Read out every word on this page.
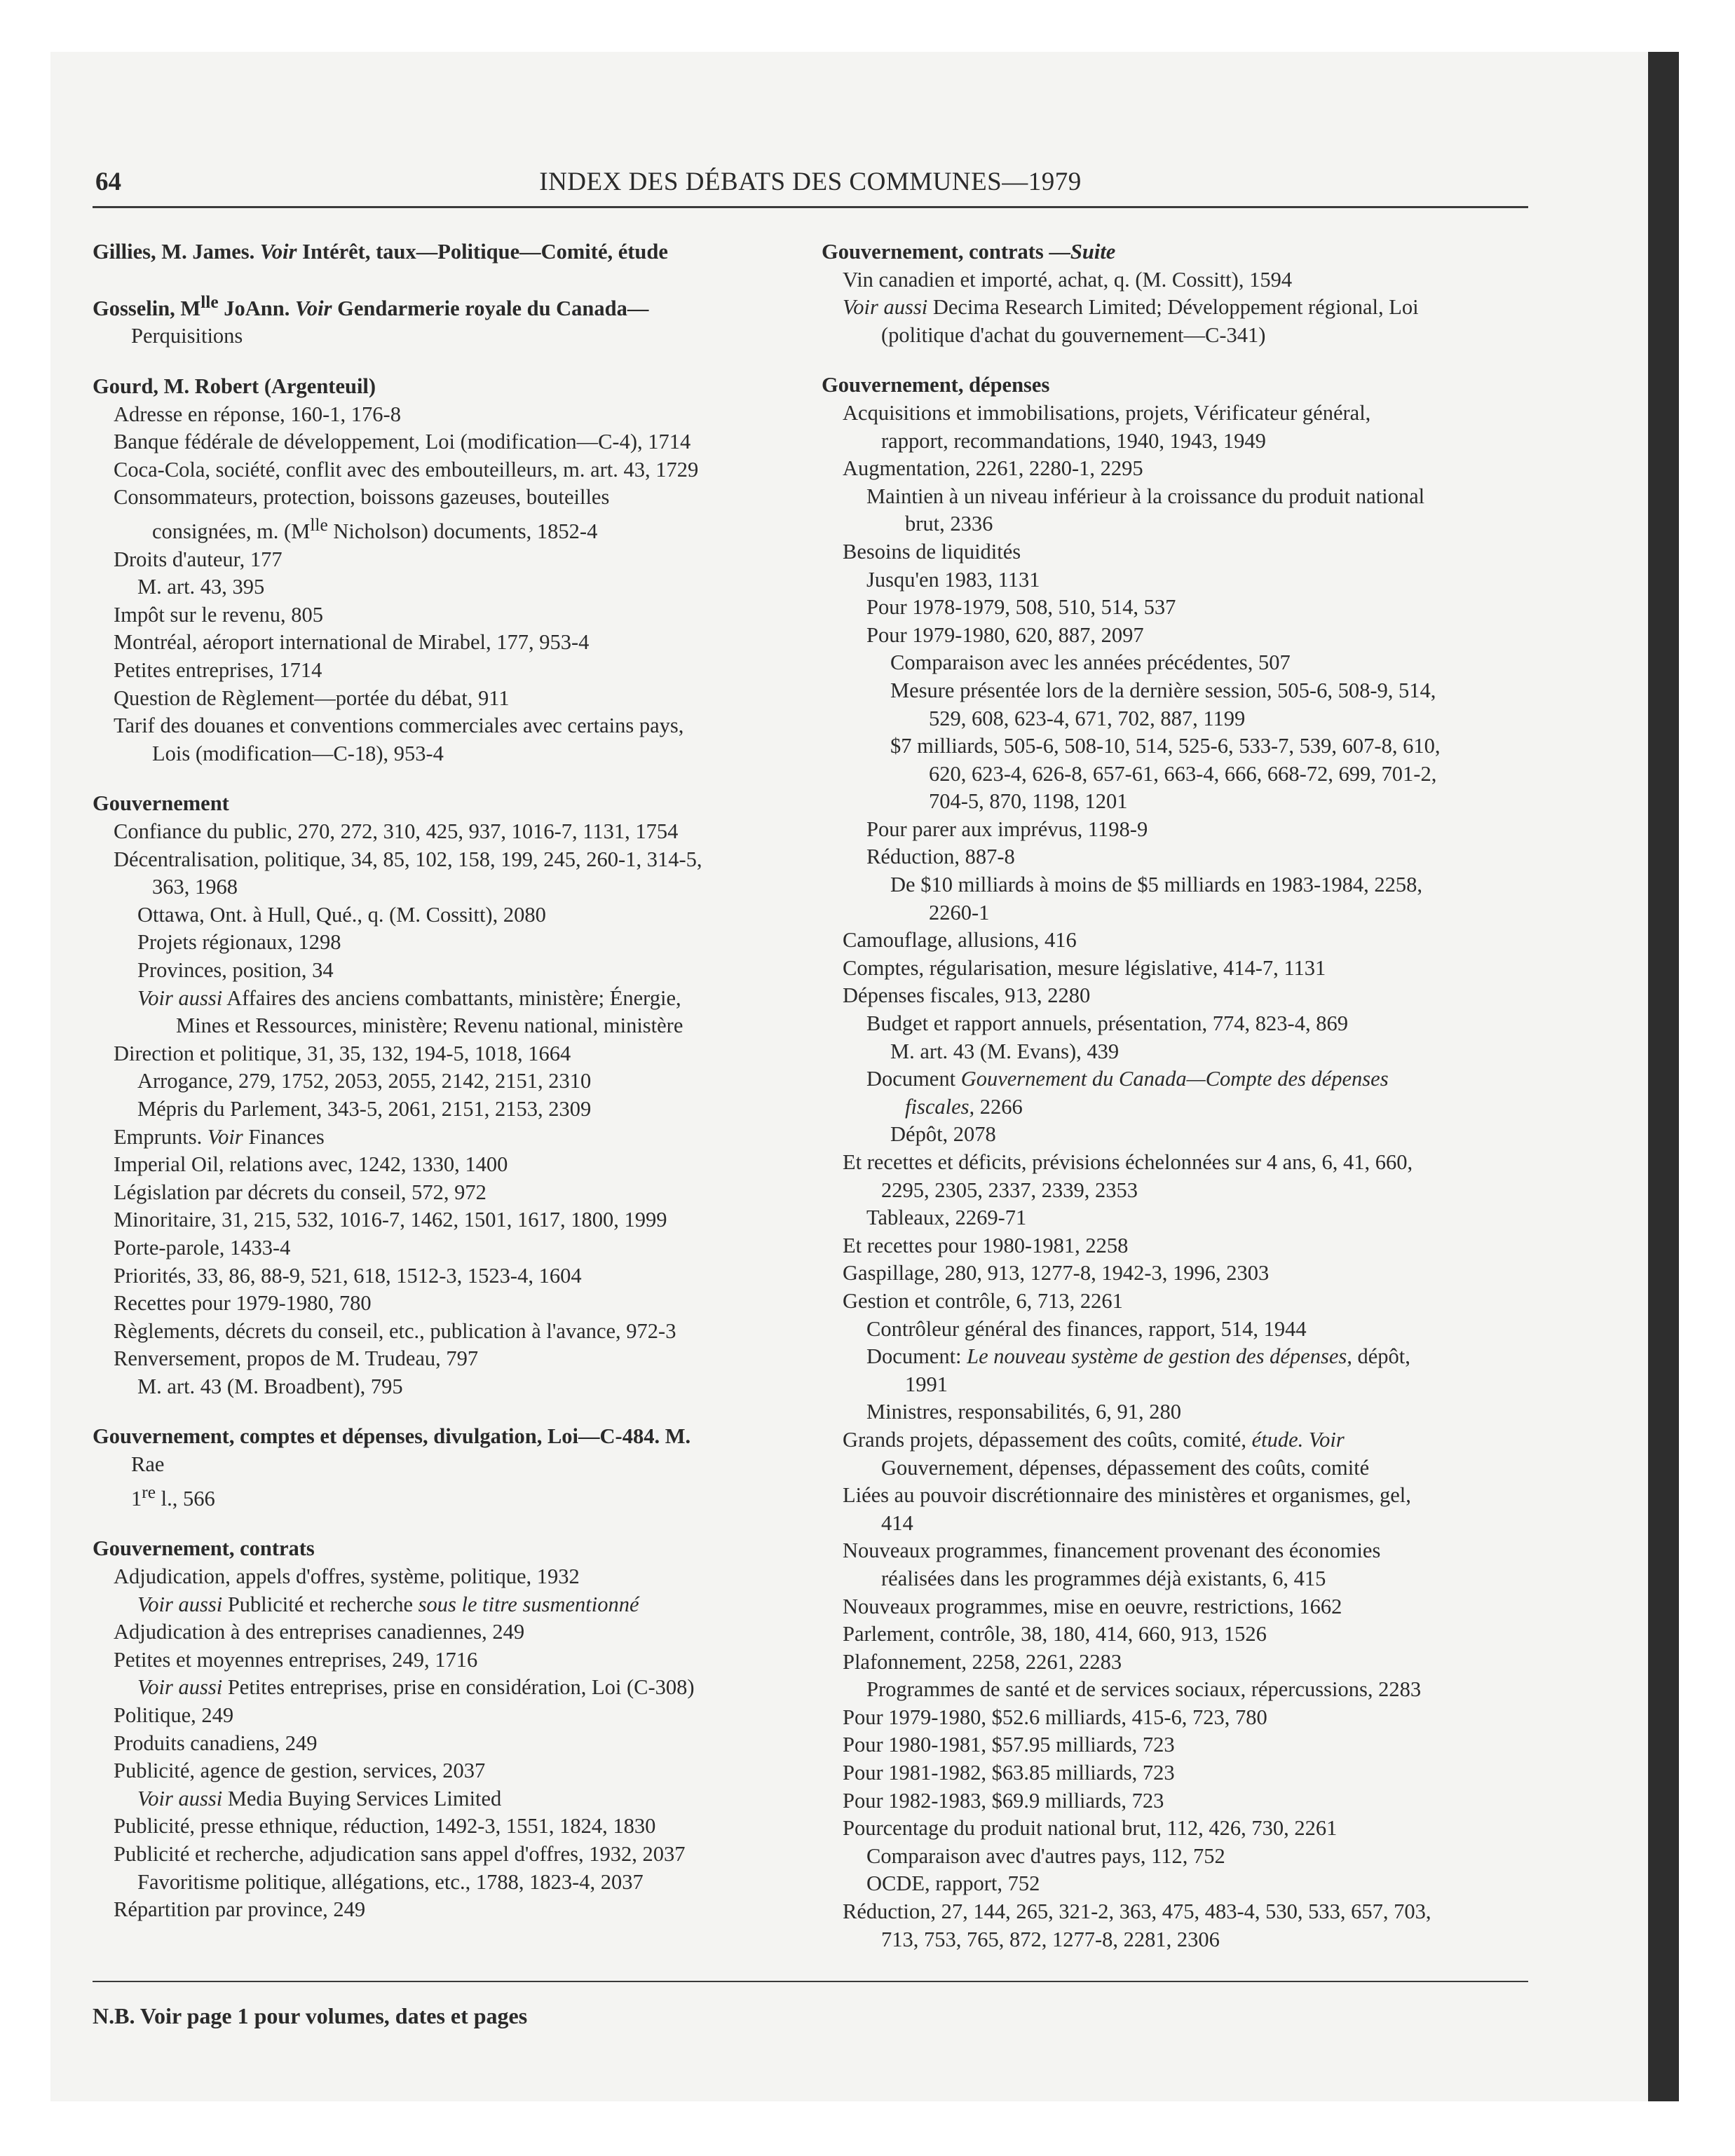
64	INDEX DES DÉBATS DES COMMUNES—1979
Gillies, M. James. Voir Intérêt, taux—Politique—Comité, étude
Gosselin, $M^{lle}$ JoAnn. Voir Gendarmerie royale du Canada—
Perquisitions
Gourd, M. Robert (Argenteuil)
Adresse en réponse, 160-1, 176-8
Banque fédérale de développement, Loi (modification—C-4), 1714
Coca-Cola, société, conflit avec des embouteilleurs, m. art. 43, 1729
Consommateurs, protection, boissons gazeuses, bouteilles
consignées, m. ($M^{lle}$ Nicholson) documents, 1852-4
Droits d'auteur, 177
M. art. 43, 395
Impôt sur le revenu, 805
Montréal, aéroport international de Mirabel, 177, 953-4
Petites entreprises, 1714
Question de Règlement—portée du débat, 911
Tarif des douanes et conventions commerciales avec certains pays,
Lois (modification—C-18), 953-4
Gouvernement
Confiance du public, 270, 272, 310, 425, 937, 1016-7, 1131, 1754
Décentralisation, politique, 34, 85, 102, 158, 199, 245, 260-1, 314-5,
363, 1968
Ottawa, Ont. à Hull, Qué., q. (M. Cossitt), 2080
Projets régionaux, 1298
Provinces, position, 34
Voir aussi Affaires des anciens combattants, ministère; Énergie,
Mines et Ressources, ministère; Revenu national, ministère
Direction et politique, 31, 35, 132, 194-5, 1018, 1664
Arrogance, 279, 1752, 2053, 2055, 2142, 2151, 2310
Mépris du Parlement, 343-5, 2061, 2151, 2153, 2309
Emprunts. Voir Finances
Imperial Oil, relations avec, 1242, 1330, 1400
Législation par décrets du conseil, 572, 972
Minoritaire, 31, 215, 532, 1016-7, 1462, 1501, 1617, 1800, 1999
Porte-parole, 1433-4
Priorités, 33, 86, 88-9, 521, 618, 1512-3, 1523-4, 1604
Recettes pour 1979-1980, 780
Règlements, décrets du conseil, etc., publication à l'avance, 972-3
Renversement, propos de M. Trudeau, 797
M. art. 43 (M. Broadbent), 795
Gouvernement, comptes et dépenses, divulgation, Loi—C-484. M.
Rae
1re l., 566
Gouvernement, contrats
Adjudication, appels d'offres, système, politique, 1932
Voir aussi Publicité et recherche sous le titre susmentionné
Adjudication à des entreprises canadiennes, 249
Petites et moyennes entreprises, 249, 1716
Voir aussi Petites entreprises, prise en considération, Loi (C-308)
Politique, 249
Produits canadiens, 249
Publicité, agence de gestion, services, 2037
Voir aussi Media Buying Services Limited
Publicité, presse ethnique, réduction, 1492-3, 1551, 1824, 1830
Publicité et recherche, adjudication sans appel d'offres, 1932, 2037
Favoritisme politique, allégations, etc., 1788, 1823-4, 2037
Répartition par province, 249
Gouvernement, contrats —Suite
Vin canadien et importé, achat, q. (M. Cossitt), 1594
Voir aussi Decima Research Limited; Développement régional, Loi
(politique d'achat du gouvernement—C-341)
Gouvernement, dépenses
Acquisitions et immobilisations, projets, Vérificateur général,
rapport, recommandations, 1940, 1943, 1949
Augmentation, 2261, 2280-1, 2295
Maintien à un niveau inférieur à la croissance du produit national
brut, 2336
Besoins de liquidités
Jusqu'en 1983, 1131
Pour 1978-1979, 508, 510, 514, 537
Pour 1979-1980, 620, 887, 2097
Comparaison avec les années précédentes, 507
Mesure présentée lors de la dernière session, 505-6, 508-9, 514,
529, 608, 623-4, 671, 702, 887, 1199
$7 milliards, 505-6, 508-10, 514, 525-6, 533-7, 539, 607-8, 610,
620, 623-4, 626-8, 657-61, 663-4, 666, 668-72, 699, 701-2,
704-5, 870, 1198, 1201
Pour parer aux imprévus, 1198-9
Réduction, 887-8
De $10 milliards à moins de $5 milliards en 1983-1984, 2258,
2260-1
Camouflage, allusions, 416
Comptes, régularisation, mesure législative, 414-7, 1131
Dépenses fiscales, 913, 2280
Budget et rapport annuels, présentation, 774, 823-4, 869
M. art. 43 (M. Evans), 439
Document Gouvernement du Canada—Compte des dépenses
fiscales, 2266
Dépôt, 2078
Et recettes et déficits, prévisions échelonnées sur 4 ans, 6, 41, 660,
2295, 2305, 2337, 2339, 2353
Tableaux, 2269-71
Et recettes pour 1980-1981, 2258
Gaspillage, 280, 913, 1277-8, 1942-3, 1996, 2303
Gestion et contrôle, 6, 713, 2261
Contrôleur général des finances, rapport, 514, 1944
Document: Le nouveau système de gestion des dépenses, dépôt,
1991
Ministres, responsabilités, 6, 91, 280
Grands projets, dépassement des coûts, comité, étude. Voir
Gouvernement, dépenses, dépassement des coûts, comité
Liées au pouvoir discrétionnaire des ministères et organismes, gel,
414
Nouveaux programmes, financement provenant des économies
réalisées dans les programmes déjà existants, 6, 415
Nouveaux programmes, mise en oeuvre, restrictions, 1662
Parlement, contrôle, 38, 180, 414, 660, 913, 1526
Plafonnement, 2258, 2261, 2283
Programmes de santé et de services sociaux, répercussions, 2283
Pour 1979-1980, $52.6 milliards, 415-6, 723, 780
Pour 1980-1981, $57.95 milliards, 723
Pour 1981-1982, $63.85 milliards, 723
Pour 1982-1983, $69.9 milliards, 723
Pourcentage du produit national brut, 112, 426, 730, 2261
Comparaison avec d'autres pays, 112, 752
OCDE, rapport, 752
Réduction, 27, 144, 265, 321-2, 363, 475, 483-4, 530, 533, 657, 703,
713, 753, 765, 872, 1277-8, 2281, 2306
N.B. Voir page 1 pour volumes, dates et pages
